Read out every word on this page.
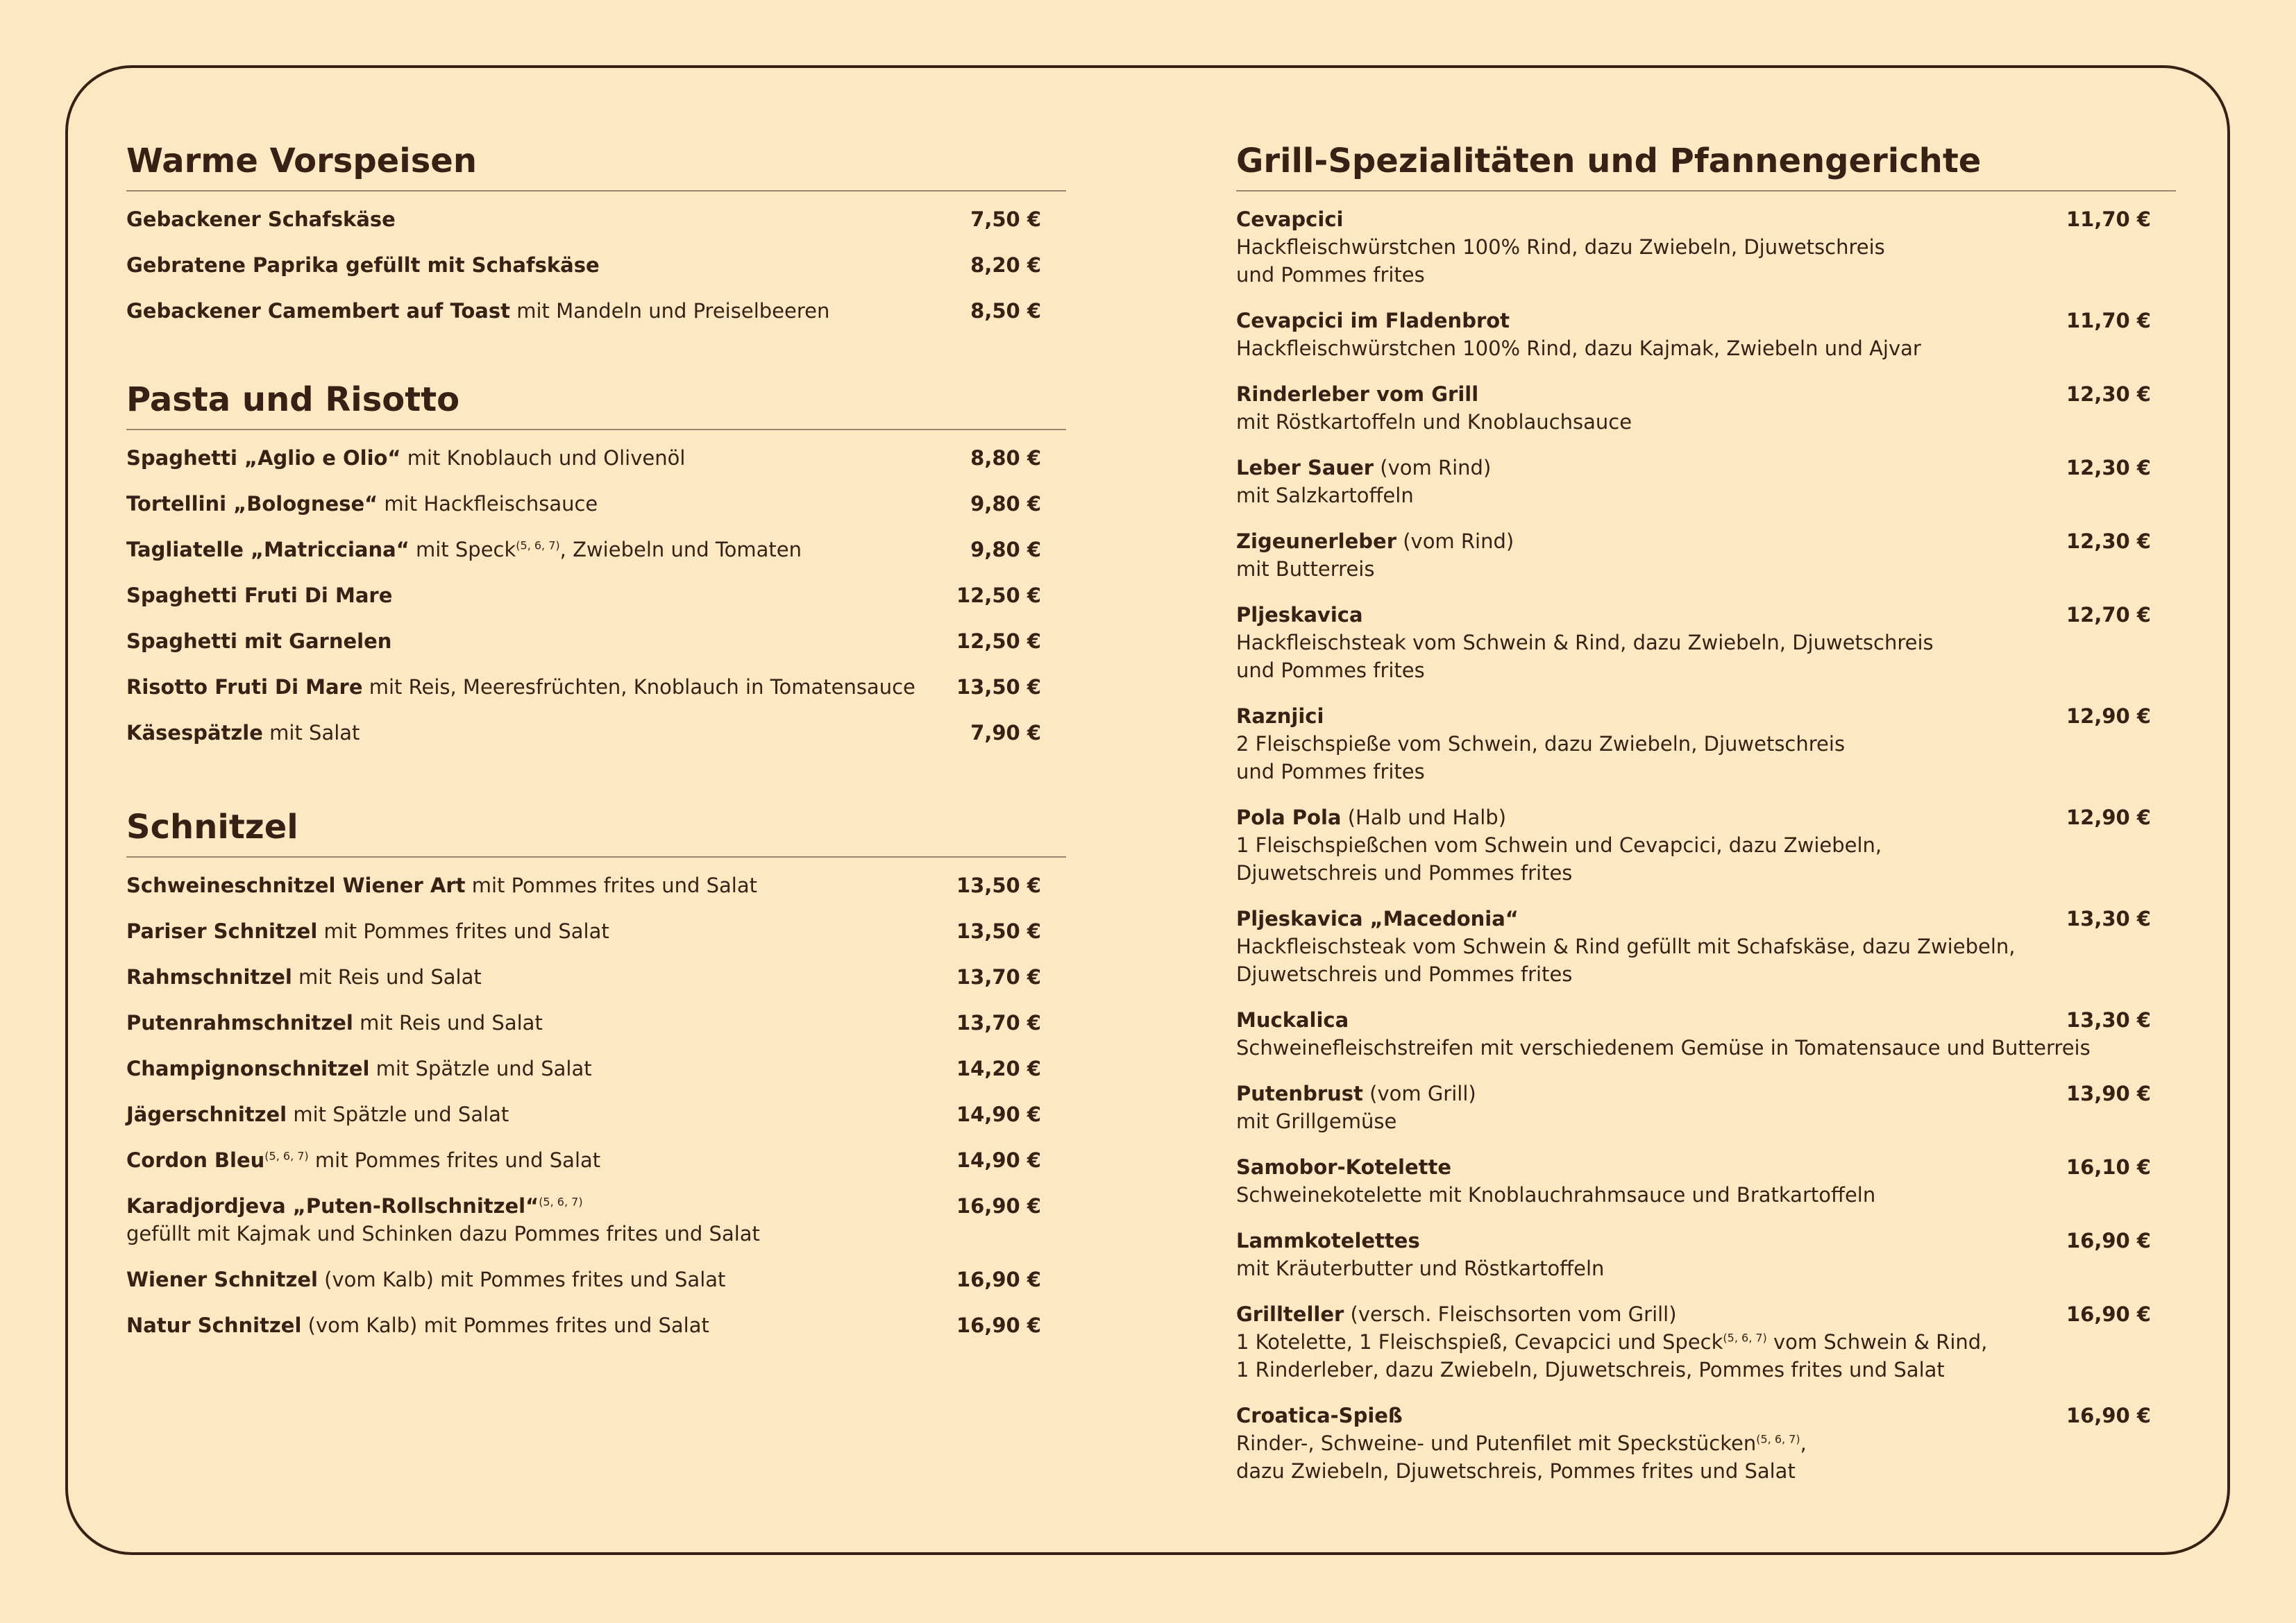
Warme Vorspeisen
Gebackener Schafskäse	7,50 €
Gebratene Paprika gefüllt mit Schafskäse	8,20 €
Gebackener Camembert auf Toast mit Mandeln und Preiselbeeren	8,50 €
Pasta und Risotto
Spaghetti „Aglio e Olio“ mit Knoblauch und Olivenöl	8,80 €
Tortellini „Bolognese“ mit Hackfleischsauce	9,80 €
Tagliatelle „Matricciana“ mit Speck$^{(5, 6, 7)}$, Zwiebeln und Tomaten	9,80 €
Spaghetti Fruti Di Mare	12,50 €
Spaghetti mit Garnelen	12,50 €
Risotto Fruti Di Mare mit Reis, Meeresfrüchten, Knoblauch in Tomatensauce 13,50 €
Käsespätzle mit Salat	7,90 €
Schnitzel
Schweineschnitzel Wiener Art mit Pommes frites und Salat	13,50 €
Pariser Schnitzel mit Pommes frites und Salat	13,50 €
Rahmschnitzel mit Reis und Salat	13,70 €
Putenrahmschnitzel mit Reis und Salat	13,70 €
Champignonschnitzel mit Spätzle und Salat	14,20 €
Jägerschnitzel mit Spätzle und Salat	14,90 €
Cordon Bleu$^{(5, 6, 7)}$ mit Pommes frites und Salat	14,90 €
Karadjordjeva „Puten-Rollschnitzel“$^{(5, 6, 7)}$
gefüllt mit Kajmak und Schinken dazu Pommes frites und Salat
16,90 €
Wiener Schnitzel (vom Kalb) mit Pommes frites und Salat	16,90 €
Natur Schnitzel (vom Kalb) mit Pommes frites und Salat	16,90 €
Grill-Spezialitäten und Pfannengerichte
Cevapcici
Hackfleischwürstchen 100% Rind, dazu Zwiebeln, Djuwetschreis
und Pommes frites
11,70 €
Cevapcici im Fladenbrot
Hackfleischwürstchen 100% Rind, dazu Kajmak, Zwiebeln und Ajvar
11,70 €
Rinderleber vom Grill
mit Röstkartoffeln und Knoblauchsauce
12,30 €
Leber Sauer (vom Rind)
mit Salzkartoffeln
12,30 €
Zigeunerleber (vom Rind)
mit Butterreis
12,30 €
Pljeskavica
Hackfleischsteak vom Schwein & Rind, dazu Zwiebeln, Djuwetschreis
und Pommes frites
12,70 €
Raznjici
2 Fleischspieße vom Schwein, dazu Zwiebeln, Djuwetschreis
und Pommes frites
12,90 €
Pola Pola (Halb und Halb)
1 Fleischspießchen vom Schwein und Cevapcici, dazu Zwiebeln,
Djuwetschreis und Pommes frites
12,90 €
Pljeskavica „Macedonia“
Hackfleischsteak vom Schwein & Rind gefüllt mit Schafskäse, dazu Zwiebeln,
Djuwetschreis und Pommes frites
13,30 €
Muckalica
Schweinefleischstreifen mit verschiedenem Gemüse in Tomatensauce und Butterreis
13,30 €
Putenbrust (vom Grill)
mit Grillgemüse
13,90 €
Samobor-Kotelette
Schweinekotelette mit Knoblauchrahmsauce und Bratkartoffeln
16,10 €
Lammkotelettes
mit Kräuterbutter und Röstkartoffeln
16,90 €
Grillteller (versch. Fleischsorten vom Grill)
1 Kotelette, 1 Fleischspieß, Cevapcici und Speck$^{(5, 6, 7)}$ vom Schwein & Rind,
1 Rinderleber, dazu Zwiebeln, Djuwetschreis, Pommes frites und Salat
16,90 €
Croatica-Spieß
Rinder-, Schweine- und Putenfilet mit Speckstücken$^{(5, 6, 7)}$,
dazu Zwiebeln, Djuwetschreis, Pommes frites und Salat
16,90 €
